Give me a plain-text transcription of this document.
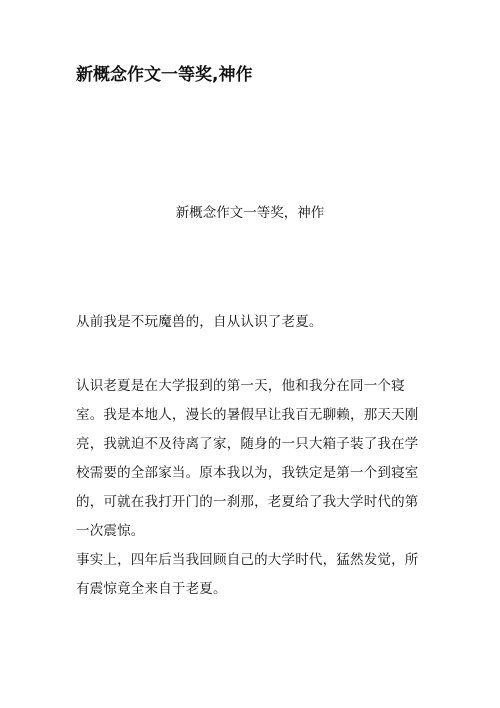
新概念作文一等奖,神作

新概念作文一等奖，神作

从前我是不玩魔兽的，自从认识了老夏。

认识老夏是在大学报到的第一天，他和我分在同一个寝室。我是本地人，漫长的暑假早让我百无聊赖，那天天刚亮，我就迫不及待离了家，随身的一只大箱子装了我在学校需要的全部家当。原本我以为，我铁定是第一个到寝室的，可就在我打开门的一刹那，老夏给了我大学时代的第一次震惊。

事实上，四年后当我回顾自己的大学时代，猛然发觉，所有震惊竟全来自于老夏。
